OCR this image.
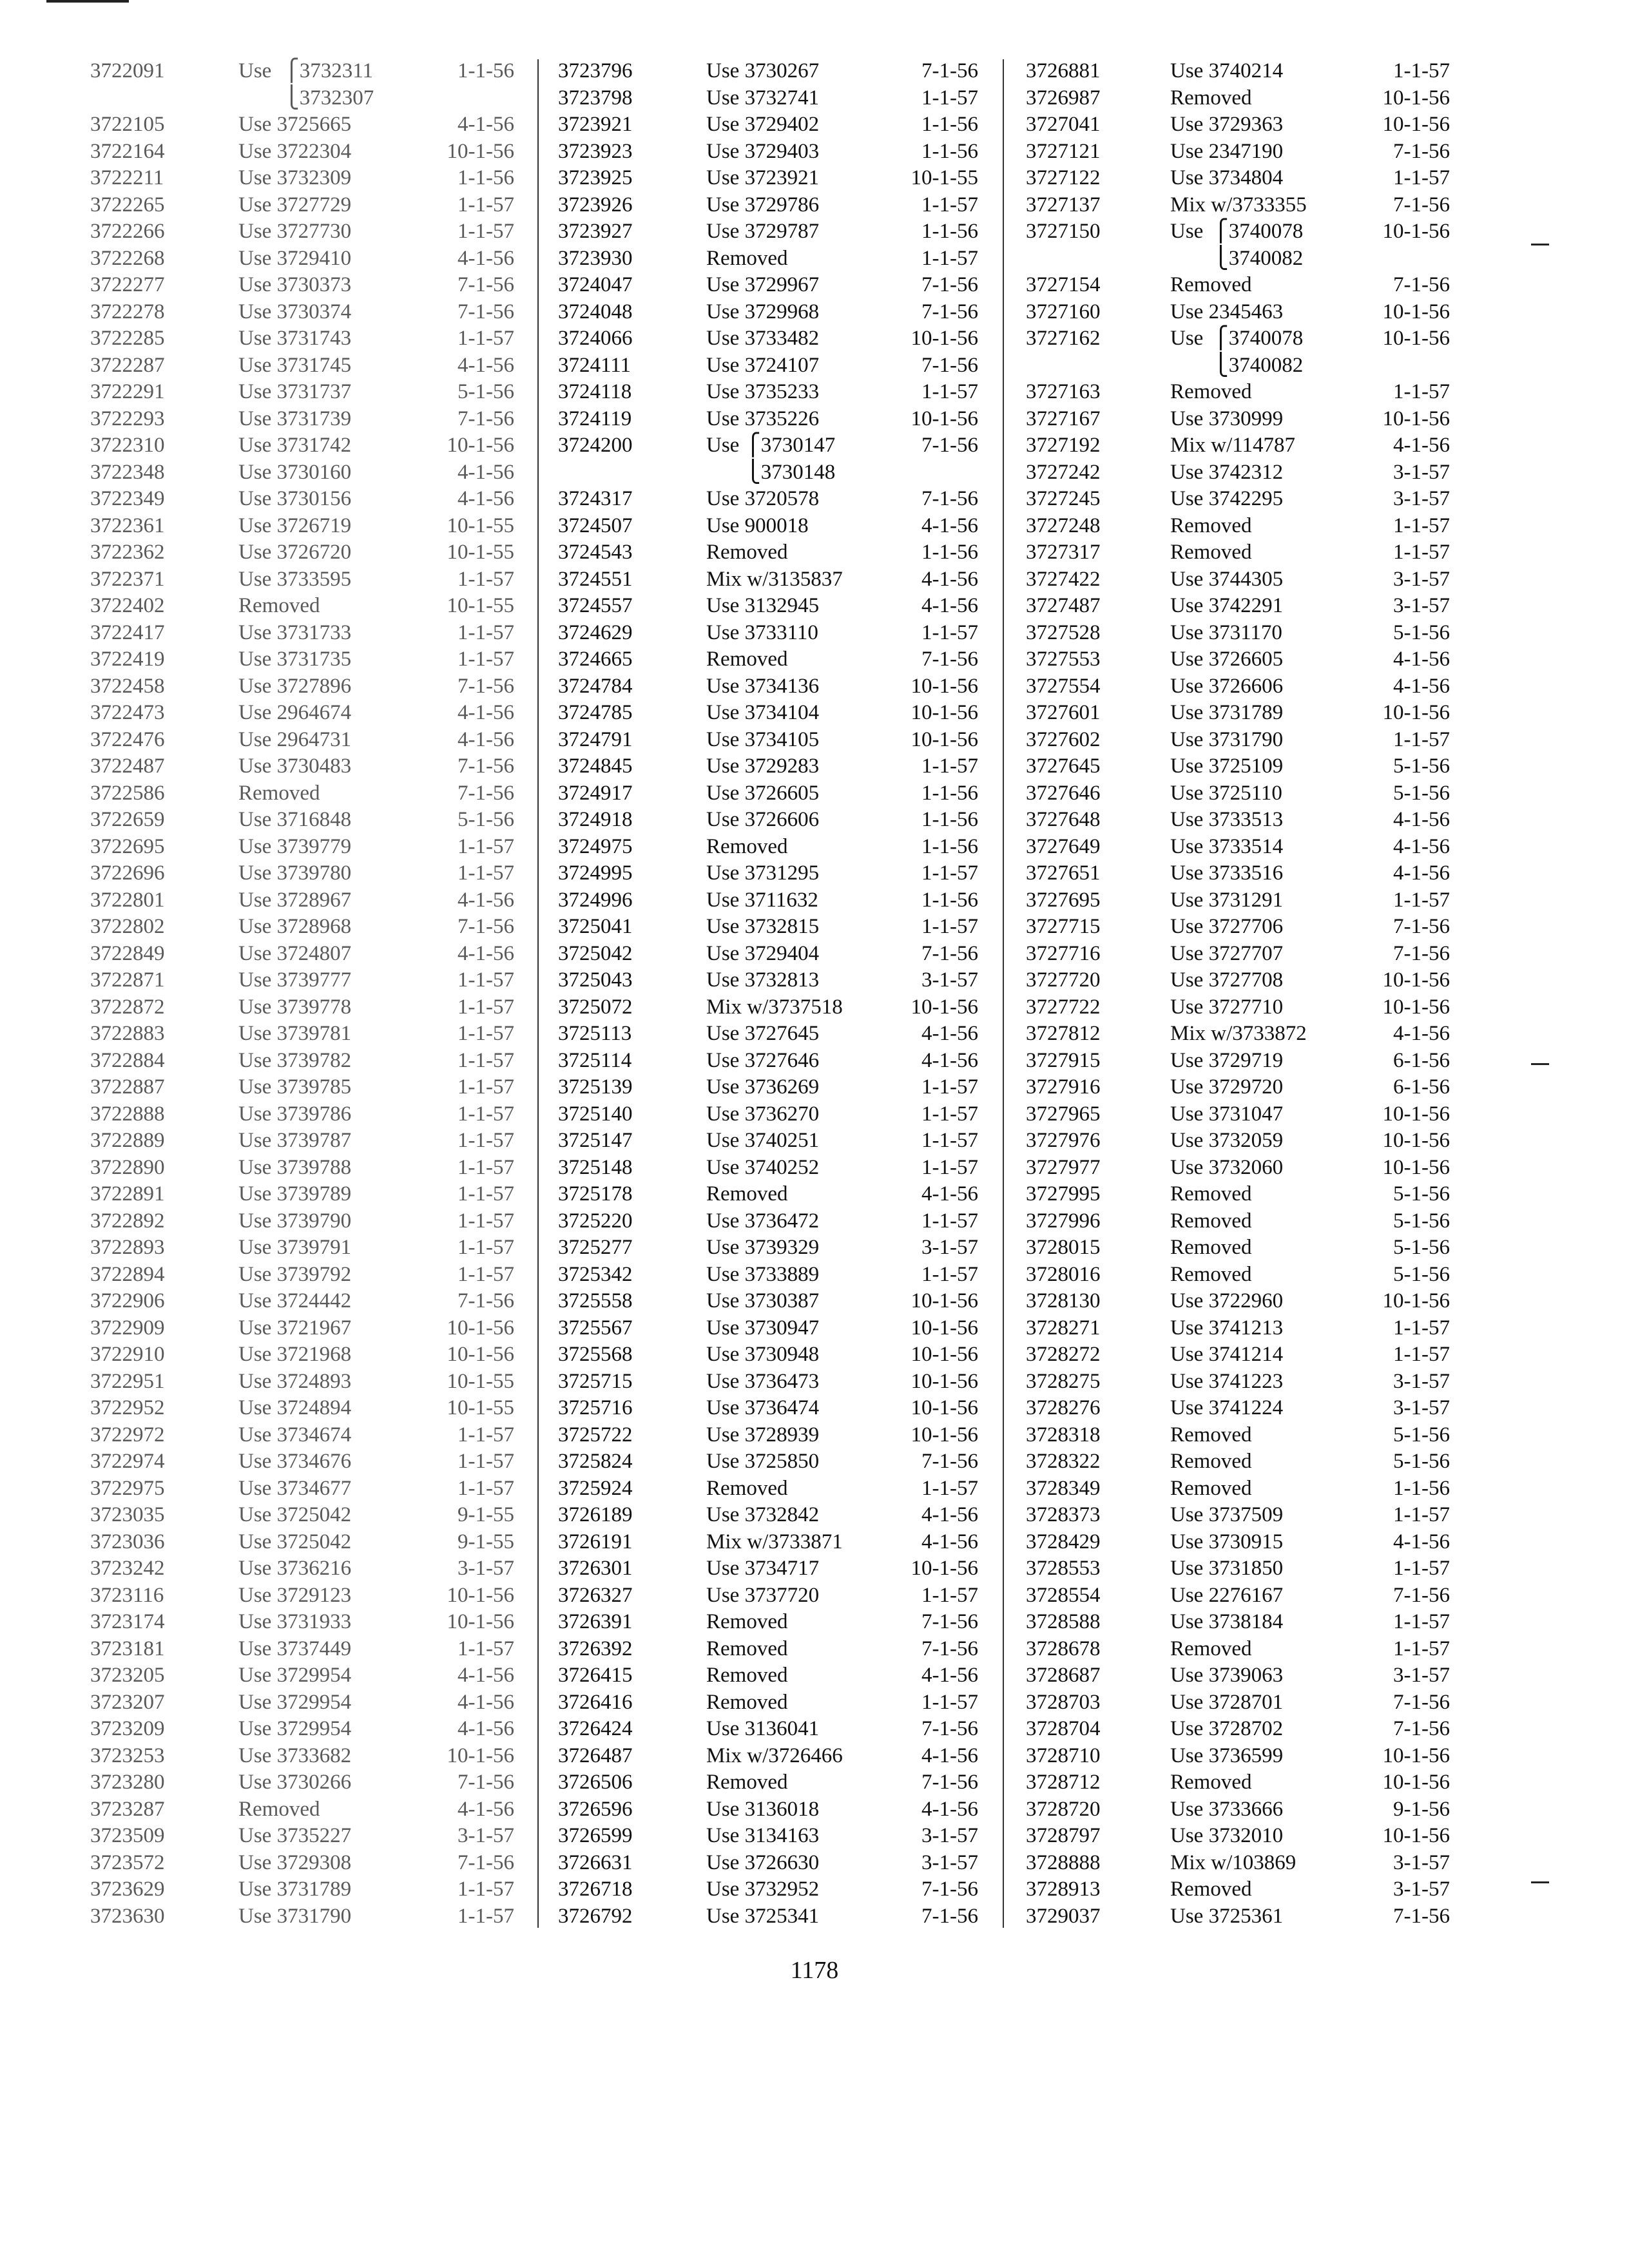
3722091	Use ⎧3732311	1-1-56
⎩3732307
3722105	Use 3725665	4-1-56
3722164	Use 3722304	10-1-56
3722211	Use 3732309	1-1-56
3722265	Use 3727729	1-1-57
3722266	Use 3727730	1-1-57
3722268	Use 3729410	4-1-56
3722277	Use 3730373	7-1-56
3722278	Use 3730374	7-1-56
3722285	Use 3731743	1-1-57
3722287	Use 3731745	4-1-56
3722291	Use 3731737	5-1-56
3722293	Use 3731739	7-1-56
3722310	Use 3731742	10-1-56
3722348	Use 3730160	4-1-56
3722349	Use 3730156	4-1-56
3722361	Use 3726719	10-1-55
3722362	Use 3726720	10-1-55
3722371	Use 3733595	1-1-57
3722402	Removed	10-1-55
3722417	Use 3731733	1-1-57
3722419	Use 3731735	1-1-57
3722458	Use 3727896	7-1-56
3722473	Use 2964674	4-1-56
3722476	Use 2964731	4-1-56
3722487	Use 3730483	7-1-56
3722586	Removed	7-1-56
3722659	Use 3716848	5-1-56
3722695	Use 3739779	1-1-57
3722696	Use 3739780	1-1-57
3722801	Use 3728967	4-1-56
3722802	Use 3728968	7-1-56
3722849	Use 3724807	4-1-56
3722871	Use 3739777	1-1-57
3722872	Use 3739778	1-1-57
3722883	Use 3739781	1-1-57
3722884	Use 3739782	1-1-57
3722887	Use 3739785	1-1-57
3722888	Use 3739786	1-1-57
3722889	Use 3739787	1-1-57
3722890	Use 3739788	1-1-57
3722891	Use 3739789	1-1-57
3722892	Use 3739790	1-1-57
3722893	Use 3739791	1-1-57
3722894	Use 3739792	1-1-57
3722906	Use 3724442	7-1-56
3722909	Use 3721967	10-1-56
3722910	Use 3721968	10-1-56
3722951	Use 3724893	10-1-55
3722952	Use 3724894	10-1-55
3722972	Use 3734674	1-1-57
3722974	Use 3734676	1-1-57
3722975	Use 3734677	1-1-57
3723035	Use 3725042	9-1-55
3723036	Use 3725042	9-1-55
3723242	Use 3736216	3-1-57
3723116	Use 3729123	10-1-56
3723174	Use 3731933	10-1-56
3723181	Use 3737449	1-1-57
3723205	Use 3729954	4-1-56
3723207	Use 3729954	4-1-56
3723209	Use 3729954	4-1-56
3723253	Use 3733682	10-1-56
3723280	Use 3730266	7-1-56
3723287	Removed	4-1-56
3723509	Use 3735227	3-1-57
3723572	Use 3729308	7-1-56
3723629	Use 3731789	1-1-57
3723630	Use 3731790	1-1-57
3723796	Use 3730267	7-1-56
3723798	Use 3732741	1-1-57
3723921	Use 3729402	1-1-56
3723923	Use 3729403	1-1-56
3723925	Use 3723921	10-1-55
3723926	Use 3729786	1-1-57
3723927	Use 3729787	1-1-56
3723930	Removed	1-1-57
3724047	Use 3729967	7-1-56
3724048	Use 3729968	7-1-56
3724066	Use 3733482	10-1-56
3724111	Use 3724107	7-1-56
3724118	Use 3735233	1-1-57
3724119	Use 3735226	10-1-56
3724200	Use ⎧3730147	7-1-56
⎩3730148
3724317	Use 3720578	7-1-56
3724507	Use 900018	4-1-56
3724543	Removed	1-1-56
3724551	Mix w/3135837	4-1-56
3724557	Use 3132945	4-1-56
3724629	Use 3733110	1-1-57
3724665	Removed	7-1-56
3724784	Use 3734136	10-1-56
3724785	Use 3734104	10-1-56
3724791	Use 3734105	10-1-56
3724845	Use 3729283	1-1-57
3724917	Use 3726605	1-1-56
3724918	Use 3726606	1-1-56
3724975	Removed	1-1-56
3724995	Use 3731295	1-1-57
3724996	Use 3711632	1-1-56
3725041	Use 3732815	1-1-57
3725042	Use 3729404	7-1-56
3725043	Use 3732813	3-1-57
3725072	Mix w/3737518	10-1-56
3725113	Use 3727645	4-1-56
3725114	Use 3727646	4-1-56
3725139	Use 3736269	1-1-57
3725140	Use 3736270	1-1-57
3725147	Use 3740251	1-1-57
3725148	Use 3740252	1-1-57
3725178	Removed	4-1-56
3725220	Use 3736472	1-1-57
3725277	Use 3739329	3-1-57
3725342	Use 3733889	1-1-57
3725558	Use 3730387	10-1-56
3725567	Use 3730947	10-1-56
3725568	Use 3730948	10-1-56
3725715	Use 3736473	10-1-56
3725716	Use 3736474	10-1-56
3725722	Use 3728939	10-1-56
3725824	Use 3725850	7-1-56
3725924	Removed	1-1-57
3726189	Use 3732842	4-1-56
3726191	Mix w/3733871	4-1-56
3726301	Use 3734717	10-1-56
3726327	Use 3737720	1-1-57
3726391	Removed	7-1-56
3726392	Removed	7-1-56
3726415	Removed	4-1-56
3726416	Removed	1-1-57
3726424	Use 3136041	7-1-56
3726487	Mix w/3726466	4-1-56
3726506	Removed	7-1-56
3726596	Use 3136018	4-1-56
3726599	Use 3134163	3-1-57
3726631	Use 3726630	3-1-57
3726718	Use 3732952	7-1-56
3726792	Use 3725341	7-1-56
3726881	Use 3740214	1-1-57
3726987	Removed	10-1-56
3727041	Use 3729363	10-1-56
3727121	Use 2347190	7-1-56
3727122	Use 3734804	1-1-57
3727137	Mix w/3733355	7-1-56
3727150	Use ⎧3740078	10-1-56
⎩3740082
3727154	Removed	7-1-56
3727160	Use 2345463	10-1-56
3727162	Use ⎧3740078	10-1-56
⎩3740082
3727163	Removed	1-1-57
3727167	Use 3730999	10-1-56
3727192	Mix w/114787	4-1-56
3727242	Use 3742312	3-1-57
3727245	Use 3742295	3-1-57
3727248	Removed	1-1-57
3727317	Removed	1-1-57
3727422	Use 3744305	3-1-57
3727487	Use 3742291	3-1-57
3727528	Use 3731170	5-1-56
3727553	Use 3726605	4-1-56
3727554	Use 3726606	4-1-56
3727601	Use 3731789	10-1-56
3727602	Use 3731790	1-1-57
3727645	Use 3725109	5-1-56
3727646	Use 3725110	5-1-56
3727648	Use 3733513	4-1-56
3727649	Use 3733514	4-1-56
3727651	Use 3733516	4-1-56
3727695	Use 3731291	1-1-57
3727715	Use 3727706	7-1-56
3727716	Use 3727707	7-1-56
3727720	Use 3727708	10-1-56
3727722	Use 3727710	10-1-56
3727812	Mix w/3733872	4-1-56
3727915	Use 3729719	6-1-56
3727916	Use 3729720	6-1-56
3727965	Use 3731047	10-1-56
3727976	Use 3732059	10-1-56
3727977	Use 3732060	10-1-56
3727995	Removed	5-1-56
3727996	Removed	5-1-56
3728015	Removed	5-1-56
3728016	Removed	5-1-56
3728130	Use 3722960	10-1-56
3728271	Use 3741213	1-1-57
3728272	Use 3741214	1-1-57
3728275	Use 3741223	3-1-57
3728276	Use 3741224	3-1-57
3728318	Removed	5-1-56
3728322	Removed	5-1-56
3728349	Removed	1-1-56
3728373	Use 3737509	1-1-57
3728429	Use 3730915	4-1-56
3728553	Use 3731850	1-1-57
3728554	Use 2276167	7-1-56
3728588	Use 3738184	1-1-57
3728678	Removed	1-1-57
3728687	Use 3739063	3-1-57
3728703	Use 3728701	7-1-56
3728704	Use 3728702	7-1-56
3728710	Use 3736599	10-1-56
3728712	Removed	10-1-56
3728720	Use 3733666	9-1-56
3728797	Use 3732010	10-1-56
3728888	Mix w/103869	3-1-57
3728913	Removed	3-1-57
3729037	Use 3725361	7-1-56
1178
